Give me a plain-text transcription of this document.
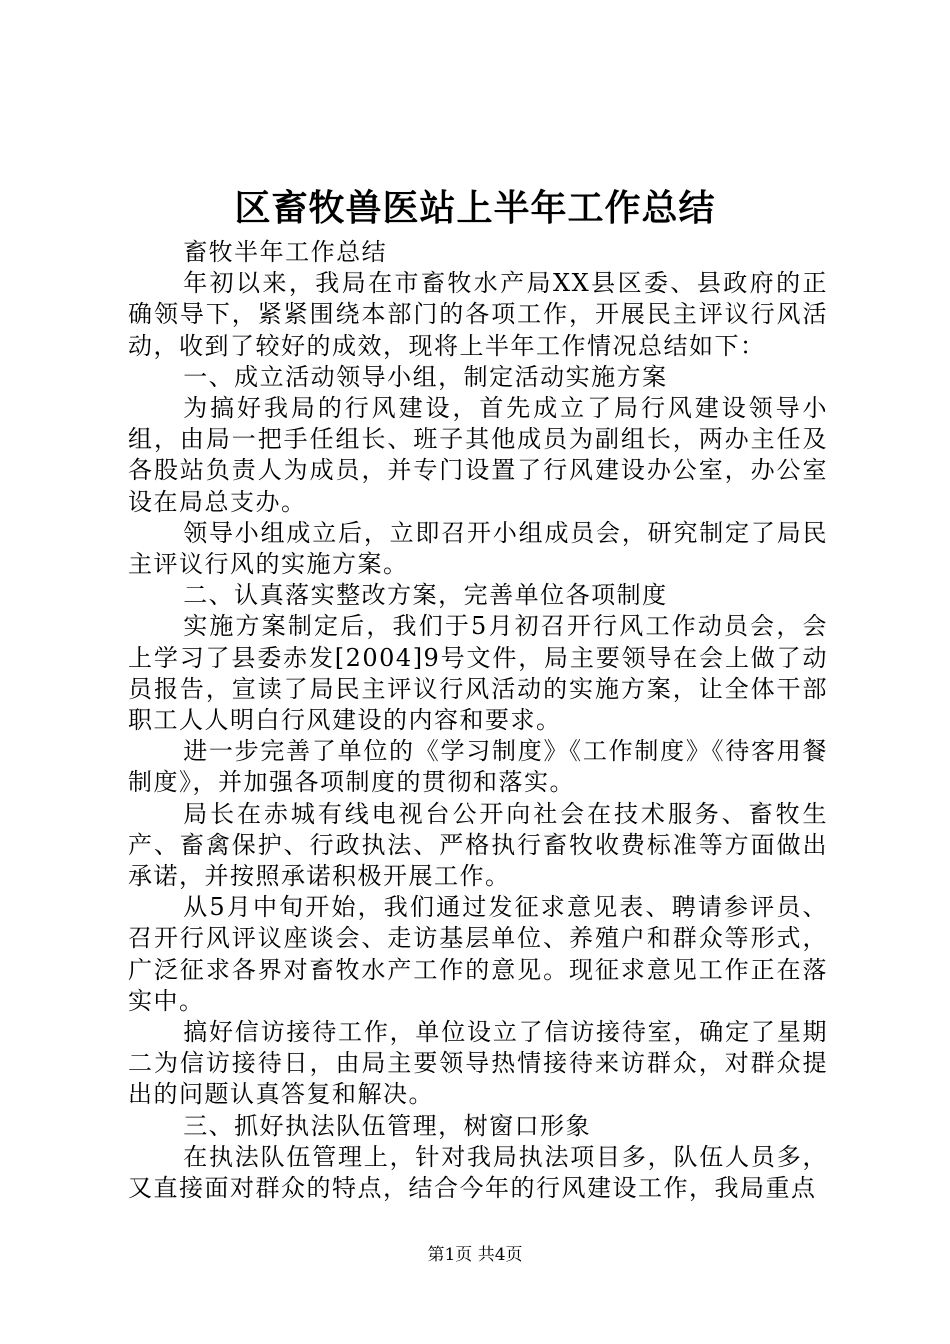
区畜牧兽医站上半年工作总结

畜牧半年工作总结

年初以来，我局在市畜牧水产局XX县区委、县政府的正确领导下，紧紧围绕本部门的各项工作，开展民主评议行风活动，收到了较好的成效，现将上半年工作情况总结如下：

一、成立活动领导小组，制定活动实施方案

为搞好我局的行风建设，首先成立了局行风建设领导小组，由局一把手任组长、班子其他成员为副组长，两办主任及各股站负责人为成员，并专门设置了行风建设办公室，办公室设在局总支办。

领导小组成立后，立即召开小组成员会，研究制定了局民主评议行风的实施方案。

二、认真落实整改方案，完善单位各项制度

实施方案制定后，我们于5月初召开行风工作动员会，会上学习了县委赤发[2004]9号文件，局主要领导在会上做了动员报告，宣读了局民主评议行风活动的实施方案，让全体干部职工人人明白行风建设的内容和要求。

进一步完善了单位的《学习制度》《工作制度》《待客用餐制度》，并加强各项制度的贯彻和落实。

局长在赤城有线电视台公开向社会在技术服务、畜牧生产、畜禽保护、行政执法、严格执行畜牧收费标准等方面做出承诺，并按照承诺积极开展工作。

从5月中旬开始，我们通过发征求意见表、聘请参评员、召开行风评议座谈会、走访基层单位、养殖户和群众等形式，广泛征求各界对畜牧水产工作的意见。现征求意见工作正在落实中。

搞好信访接待工作，单位设立了信访接待室，确定了星期二为信访接待日，由局主要领导热情接待来访群众，对群众提出的问题认真答复和解决。

三、抓好执法队伍管理，树窗口形象

在执法队伍管理上，针对我局执法项目多，队伍人员多，又直接面对群众的特点，结合今年的行风建设工作，我局重点

第1页 共4页
